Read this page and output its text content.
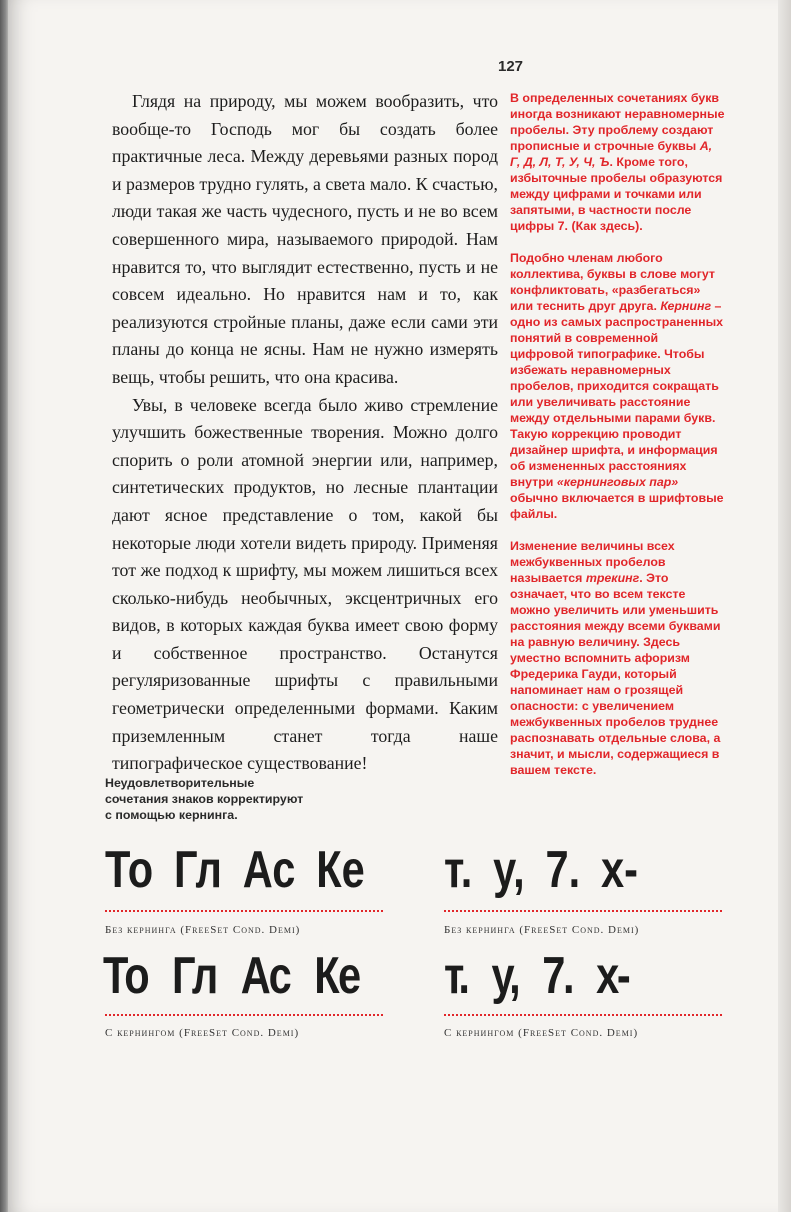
127

Глядя на природу, мы можем вообразить, что вообще-то Господь мог бы создать более практичные леса. Между деревьями разных пород и размеров трудно гулять, а света мало. К счастью, люди такая же часть чудесного, пусть и не во всем совершенного мира, называемого природой. Нам нравится то, что выглядит естественно, пусть и не совсем идеально. Но нравится нам и то, как реализуются стройные планы, даже если сами эти планы до конца не ясны. Нам не нужно измерять вещь, чтобы решить, что она красива.

Увы, в человеке всегда было живо стремление улучшить божественные творения. Можно долго спорить о роли атомной энергии или, например, синтетических продуктов, но лесные плантации дают ясное представление о том, какой бы некоторые люди хотели видеть природу. Применяя тот же подход к шрифту, мы можем лишиться всех сколько-нибудь необычных, эксцентричных его видов, в которых каждая буква имеет свою форму и собственное пространство. Останутся регуляризованные шрифты с правильными геометрически определенными формами. Каким приземленным станет тогда наше типографическое существование!

В определенных сочетаниях букв иногда возникают неравномерные пробелы. Эту проблему создают прописные и строчные буквы А, Г, Д, Л, Т, У, Ч, Ъ. Кроме того, избыточные пробелы образуются между цифрами и точками или запятыми, в частности после цифры 7. (Как здесь).

Подобно членам любого коллектива, буквы в слове могут конфликтовать, «разбегаться» или теснить друг друга. Кернинг – одно из самых распространенных понятий в современной цифровой типографике. Чтобы избежать неравномерных пробелов, приходится сокращать или увеличивать расстояние между отдельными парами букв. Такую коррекцию проводит дизайнер шрифта, и информация об измененных расстояниях внутри «кернинговых пар» обычно включается в шрифтовые файлы.

Изменение величины всех межбуквенных пробелов называется трекинг. Это означает, что во всем тексте можно увеличить или уменьшить расстояния между всеми буквами на равную величину. Здесь уместно вспомнить афоризм Фредерика Гауди, который напоминает нам о грозящей опасности: с увеличением межбуквенных пробелов труднее распознавать отдельные слова, а значит, и мысли, содержащиеся в вашем тексте.

Неудовлетворительные сочетания знаков корректируют с помощью кернинга.
То Гл Ас Ке	т. у, 7. х-
Без кернинга (FreeSet Cond. Demi)	Без кернинга (FreeSet Cond. Demi)
То Гл Ас Ке	т. у, 7. х-
С кернингом (FreeSet Cond. Demi)	С кернингом (FreeSet Cond. Demi)
